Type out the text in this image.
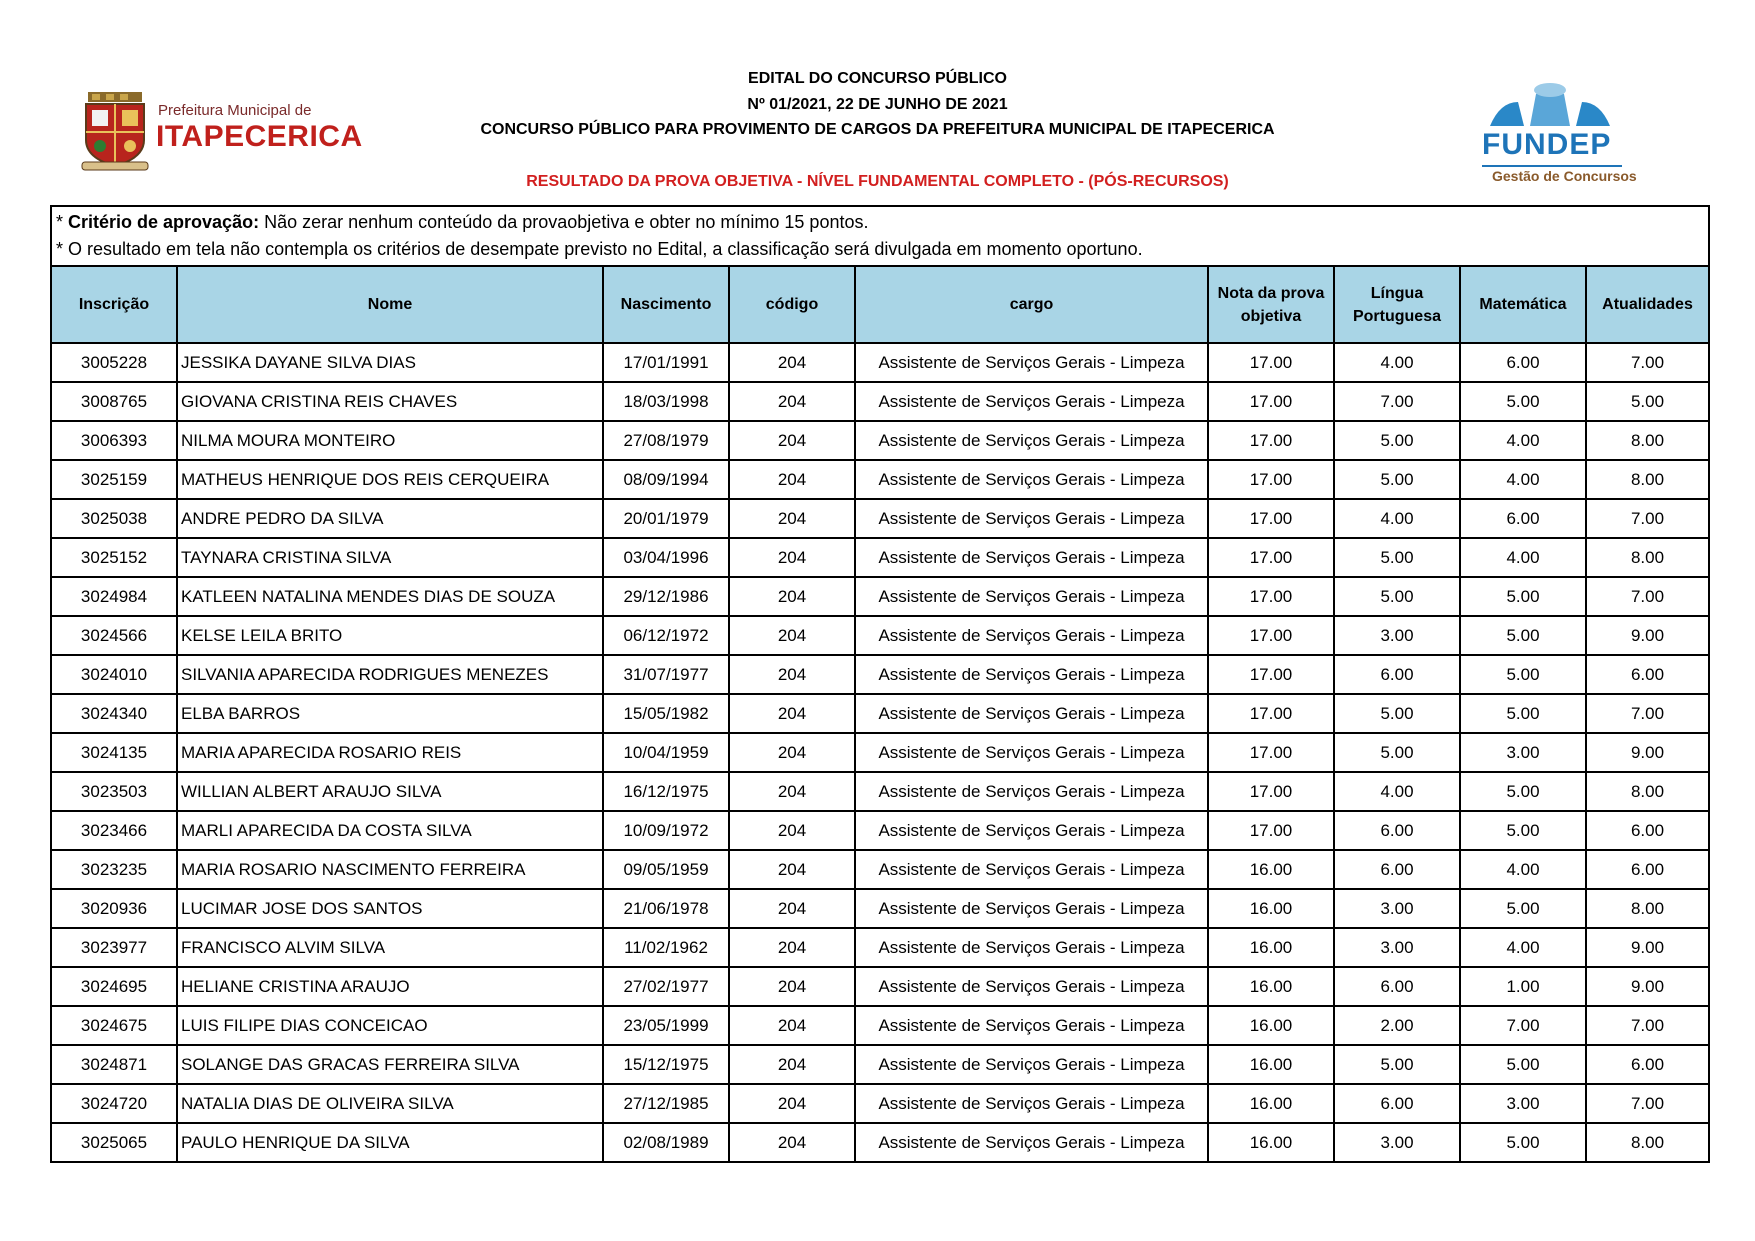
Prefeitura Municipal de
ITAPECERICA	FUNDEP
Gestão de Concursos
EDITAL DO CONCURSO PÚBLICO
Nº 01/2021, 22 DE JUNHO DE 2021
CONCURSO PÚBLICO PARA PROVIMENTO DE CARGOS DA PREFEITURA MUNICIPAL DE ITAPECERICA
RESULTADO DA PROVA OBJETIVA - NÍVEL FUNDAMENTAL COMPLETO - (PÓS-RECURSOS)
* Critério de aprovação: Não zerar nenhum conteúdo da provaobjetiva e obter no mínimo 15 pontos.
* O resultado em tela não contempla os critérios de desempate previsto no Edital, a classificação será divulgada em momento oportuno.
Inscrição	Nome	Nascimento	código	cargo	Nota da prova objetiva	Língua Portuguesa	Matemática	Atualidades
3005228	JESSIKA DAYANE SILVA DIAS	17/01/1991	204	Assistente de Serviços Gerais - Limpeza	17.00	4.00	6.00	7.00
3008765	GIOVANA CRISTINA REIS CHAVES	18/03/1998	204	Assistente de Serviços Gerais - Limpeza	17.00	7.00	5.00	5.00
3006393	NILMA MOURA MONTEIRO	27/08/1979	204	Assistente de Serviços Gerais - Limpeza	17.00	5.00	4.00	8.00
3025159	MATHEUS HENRIQUE DOS REIS CERQUEIRA	08/09/1994	204	Assistente de Serviços Gerais - Limpeza	17.00	5.00	4.00	8.00
3025038	ANDRE PEDRO DA SILVA	20/01/1979	204	Assistente de Serviços Gerais - Limpeza	17.00	4.00	6.00	7.00
3025152	TAYNARA CRISTINA SILVA	03/04/1996	204	Assistente de Serviços Gerais - Limpeza	17.00	5.00	4.00	8.00
3024984	KATLEEN NATALINA MENDES DIAS DE SOUZA	29/12/1986	204	Assistente de Serviços Gerais - Limpeza	17.00	5.00	5.00	7.00
3024566	KELSE LEILA BRITO	06/12/1972	204	Assistente de Serviços Gerais - Limpeza	17.00	3.00	5.00	9.00
3024010	SILVANIA APARECIDA RODRIGUES MENEZES	31/07/1977	204	Assistente de Serviços Gerais - Limpeza	17.00	6.00	5.00	6.00
3024340	ELBA BARROS	15/05/1982	204	Assistente de Serviços Gerais - Limpeza	17.00	5.00	5.00	7.00
3024135	MARIA APARECIDA ROSARIO REIS	10/04/1959	204	Assistente de Serviços Gerais - Limpeza	17.00	5.00	3.00	9.00
3023503	WILLIAN ALBERT ARAUJO SILVA	16/12/1975	204	Assistente de Serviços Gerais - Limpeza	17.00	4.00	5.00	8.00
3023466	MARLI APARECIDA DA COSTA SILVA	10/09/1972	204	Assistente de Serviços Gerais - Limpeza	17.00	6.00	5.00	6.00
3023235	MARIA ROSARIO NASCIMENTO FERREIRA	09/05/1959	204	Assistente de Serviços Gerais - Limpeza	16.00	6.00	4.00	6.00
3020936	LUCIMAR JOSE DOS SANTOS	21/06/1978	204	Assistente de Serviços Gerais - Limpeza	16.00	3.00	5.00	8.00
3023977	FRANCISCO ALVIM SILVA	11/02/1962	204	Assistente de Serviços Gerais - Limpeza	16.00	3.00	4.00	9.00
3024695	HELIANE CRISTINA ARAUJO	27/02/1977	204	Assistente de Serviços Gerais - Limpeza	16.00	6.00	1.00	9.00
3024675	LUIS FILIPE DIAS CONCEICAO	23/05/1999	204	Assistente de Serviços Gerais - Limpeza	16.00	2.00	7.00	7.00
3024871	SOLANGE DAS GRACAS FERREIRA SILVA	15/12/1975	204	Assistente de Serviços Gerais - Limpeza	16.00	5.00	5.00	6.00
3024720	NATALIA DIAS DE OLIVEIRA SILVA	27/12/1985	204	Assistente de Serviços Gerais - Limpeza	16.00	6.00	3.00	7.00
3025065	PAULO HENRIQUE DA SILVA	02/08/1989	204	Assistente de Serviços Gerais - Limpeza	16.00	3.00	5.00	8.00
